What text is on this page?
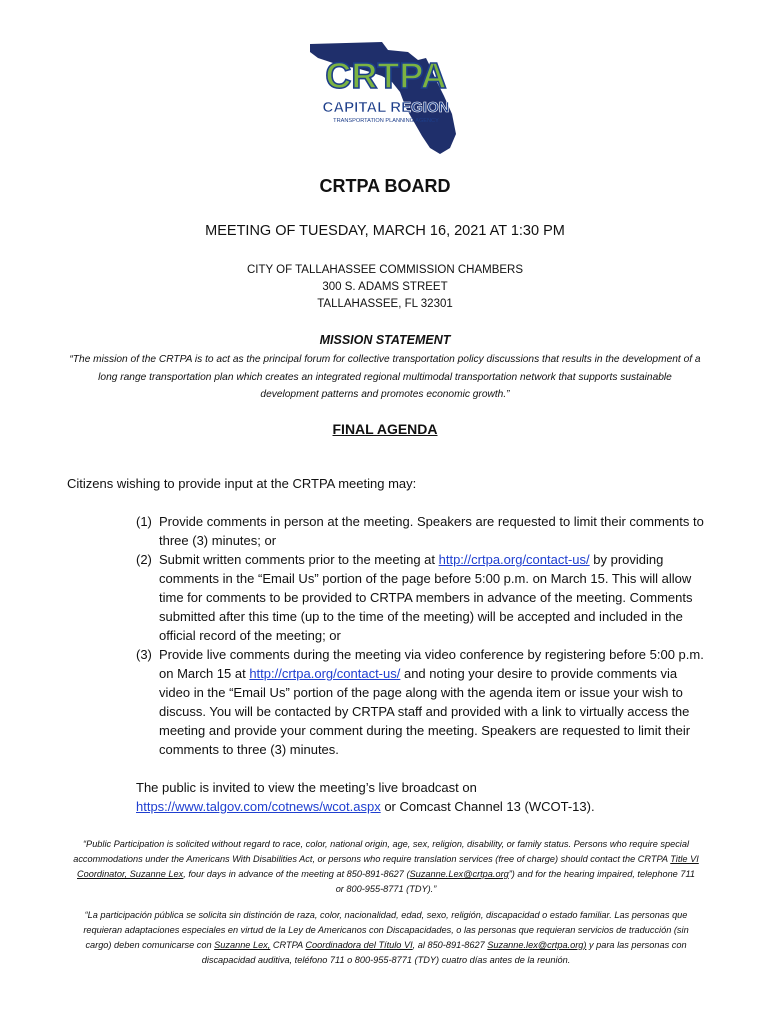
CRTPA
CAPITAL REGION
TRANSPORTATION PLANNING AGENCY
CRTPA BOARD
MEETING OF TUESDAY, MARCH 16, 2021 AT 1:30 PM
CITY OF TALLAHASSEE COMMISSION CHAMBERS
300 S. ADAMS STREET
TALLAHASSEE, FL 32301
MISSION STATEMENT
“The mission of the CRTPA is to act as the principal forum for collective transportation policy discussions that results in the development of a long range transportation plan which creates an integrated regional multimodal transportation network that supports sustainable development patterns and promotes economic growth.”
FINAL AGENDA
Citizens wishing to provide input at the CRTPA meeting may:
(1) Provide comments in person at the meeting. Speakers are requested to limit their comments to three (3) minutes; or
(2) Submit written comments prior to the meeting at http://crtpa.org/contact-us/ by providing comments in the “Email Us” portion of the page before 5:00 p.m. on March 15. This will allow time for comments to be provided to CRTPA members in advance of the meeting. Comments submitted after this time (up to the time of the meeting) will be accepted and included in the official record of the meeting; or
(3) Provide live comments during the meeting via video conference by registering before 5:00 p.m. on March 15 at http://crtpa.org/contact-us/ and noting your desire to provide comments via video in the “Email Us” portion of the page along with the agenda item or issue your wish to discuss. You will be contacted by CRTPA staff and provided with a link to virtually access the meeting and provide your comment during the meeting. Speakers are requested to limit their comments to three (3) minutes.
The public is invited to view the meeting’s live broadcast on
https://www.talgov.com/cotnews/wcot.aspx or Comcast Channel 13 (WCOT-13).
“Public Participation is solicited without regard to race, color, national origin, age, sex, religion, disability, or family status. Persons who require special accommodations under the Americans With Disabilities Act, or persons who require translation services (free of charge) should contact the CRTPA Title VI Coordinator, Suzanne Lex, four days in advance of the meeting at 850-891-8627 (Suzanne.Lex@crtpa.org”) and for the hearing impaired, telephone 711 or 800-955-8771 (TDY).”
“La participación pública se solicita sin distinción de raza, color, nacionalidad, edad, sexo, religión, discapacidad o estado familiar. Las personas que requieran adaptaciones especiales en virtud de la Ley de Americanos con Discapacidades, o las personas que requieran servicios de traducción (sin cargo) deben comunicarse con Suzanne Lex, CRTPA Coordinadora del Título VI, al 850-891-8627 Suzanne.lex@crtpa.org) y para las personas con discapacidad auditiva, teléfono 711 o 800-955-8771 (TDY) cuatro días antes de la reunión.
